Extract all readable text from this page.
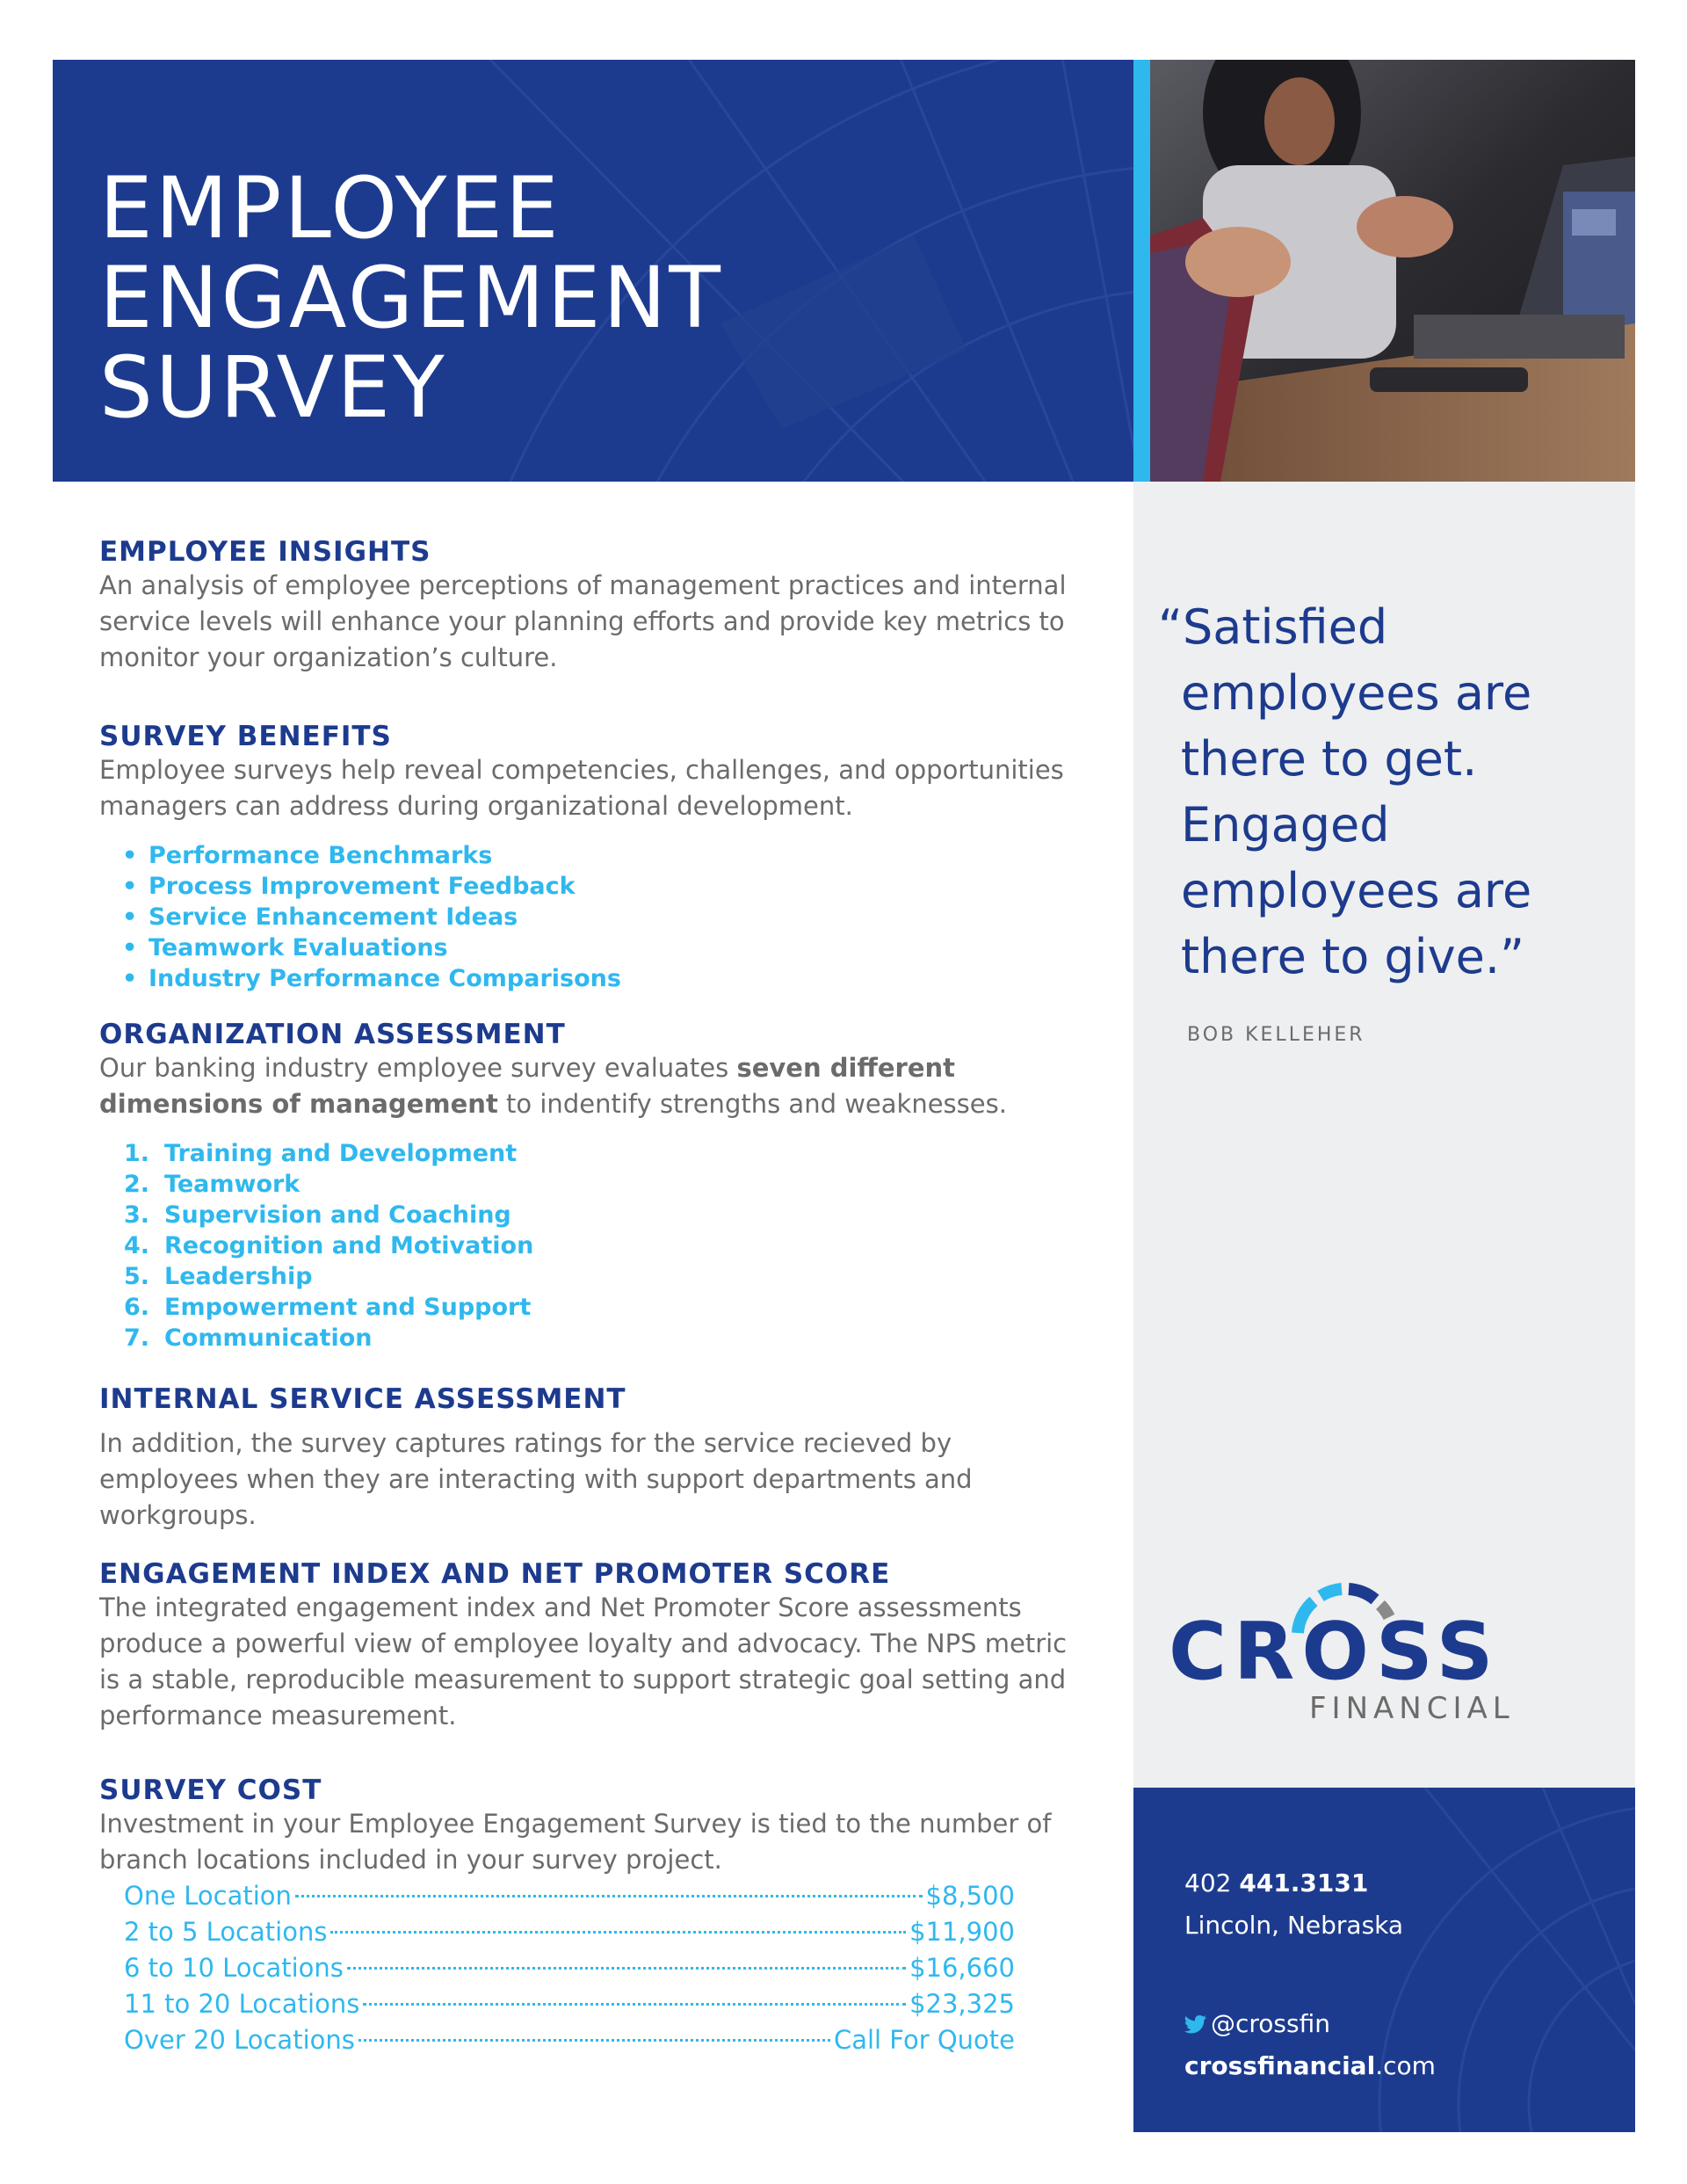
EMPLOYEE
ENGAGEMENT
SURVEY

“Satisfied employees are there to get. Engaged employees are there to give.”

BOB KELLEHER
CROSS
FINANCIAL
402 441.3131
Lincoln, Nebraska
@crossfin
crossfinancial.com
EMPLOYEE INSIGHTS

An analysis of employee perceptions of management practices and internal service levels will enhance your planning efforts and provide key metrics to monitor your organization’s culture.

SURVEY BENEFITS

Employee surveys help reveal competencies, challenges, and opportunities managers can address during organizational development.

• Performance Benchmarks
• Process Improvement Feedback
• Service Enhancement Ideas
• Teamwork Evaluations
• Industry Performance Comparisons
ORGANIZATION ASSESSMENT

Our banking industry employee survey evaluates seven different dimensions of management to indentify strengths and weaknesses.

1. Training and Development
2. Teamwork
3. Supervision and Coaching
4. Recognition and Motivation
5. Leadership
6. Empowerment and Support
7. Communication
INTERNAL SERVICE ASSESSMENT

In addition, the survey captures ratings for the service recieved by employees when they are interacting with support departments and workgroups.

ENGAGEMENT INDEX AND NET PROMOTER SCORE

The integrated engagement index and Net Promoter Score assessments produce a powerful view of employee loyalty and advocacy. The NPS metric is a stable, reproducible measurement to support strategic goal setting and performance measurement.

SURVEY COST

Investment in your Employee Engagement Survey is tied to the number of branch locations included in your survey project.

One Location	$8,500
2 to 5 Locations	$11,900
6 to 10 Locations	$16,660
11 to 20 Locations	$23,325
Over 20 Locations	Call For Quote
